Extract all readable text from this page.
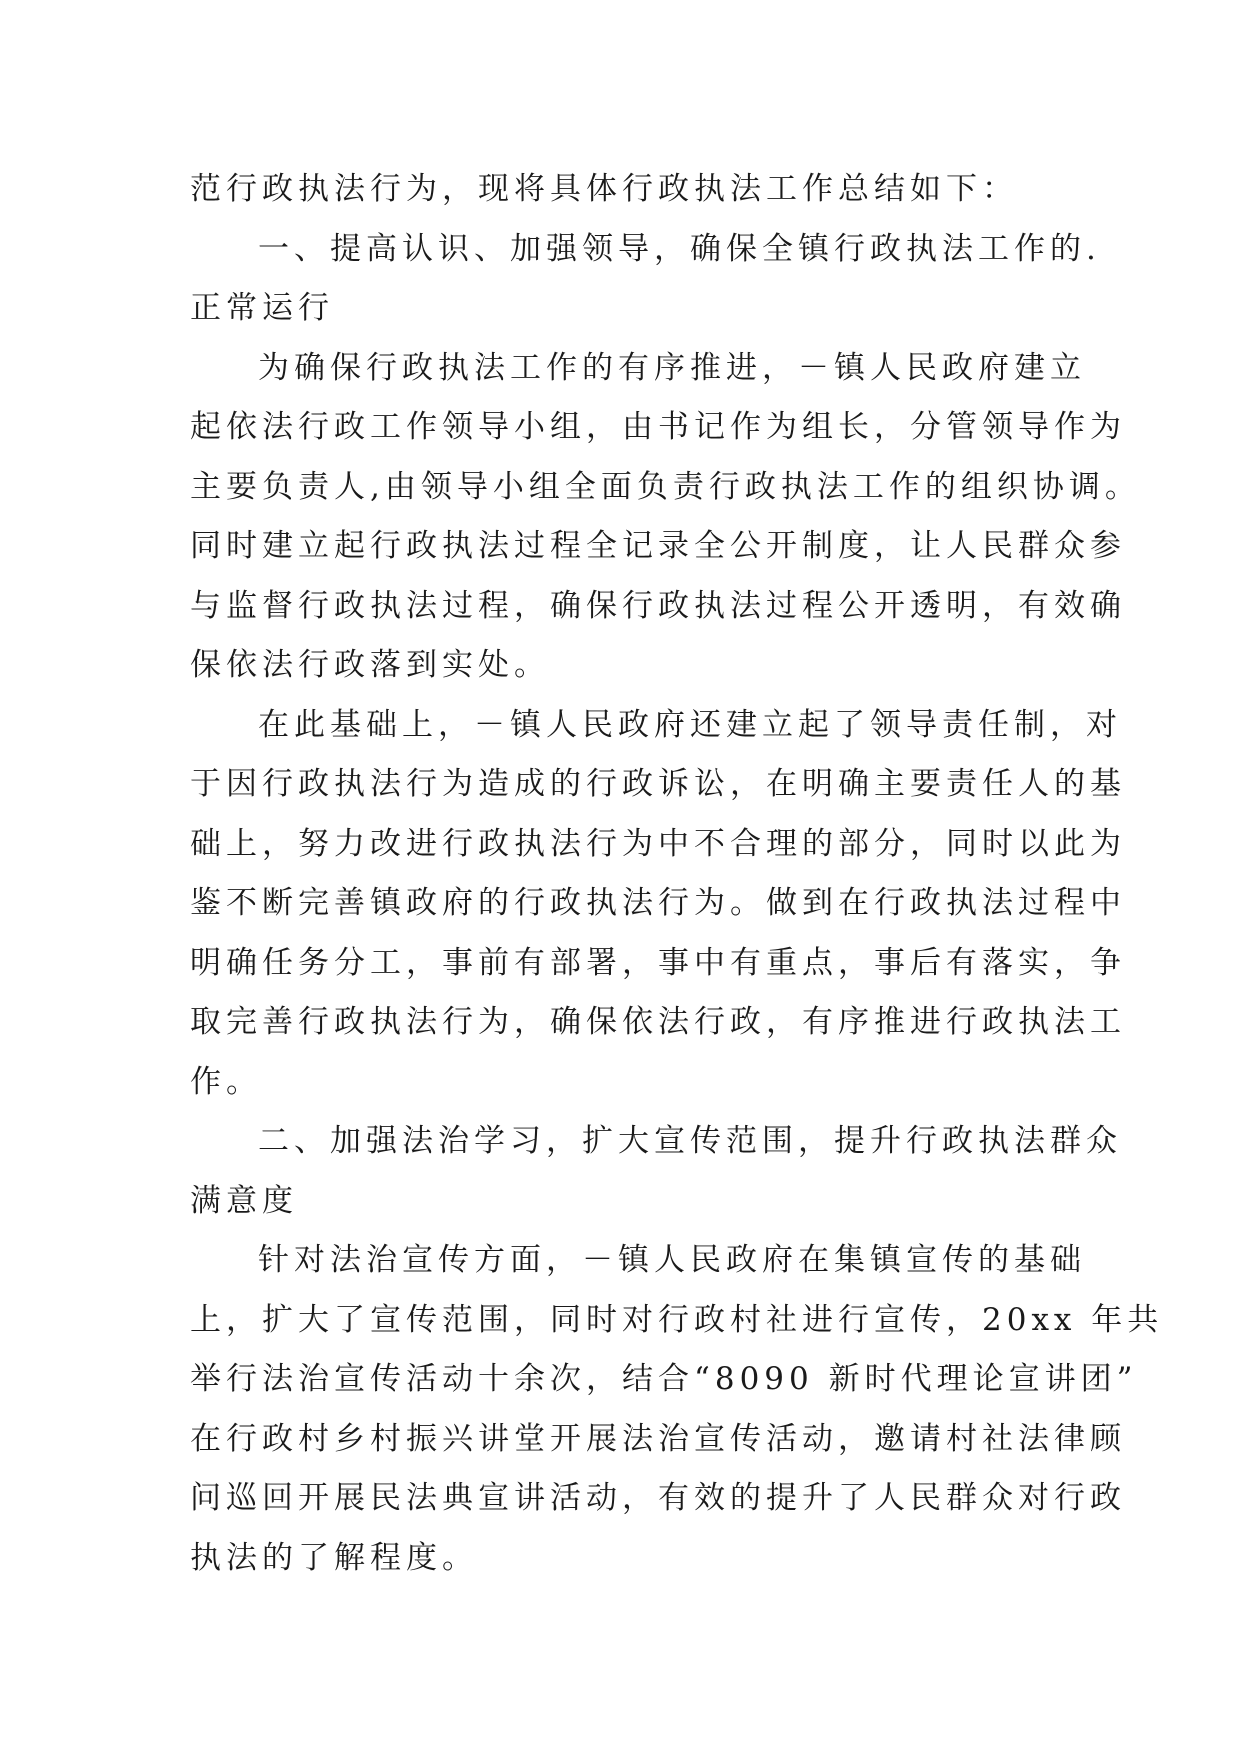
范行政执法行为，现将具体行政执法工作总结如下：
一、提高认识、加强领导，确保全镇行政执法工作的.
正常运行
为确保行政执法工作的有序推进，－镇人民政府建立
起依法行政工作领导小组，由书记作为组长，分管领导作为
主要负责人,由领导小组全面负责行政执法工作的组织协调。
同时建立起行政执法过程全记录全公开制度，让人民群众参
与监督行政执法过程，确保行政执法过程公开透明，有效确
保依法行政落到实处。
在此基础上，－镇人民政府还建立起了领导责任制，对
于因行政执法行为造成的行政诉讼，在明确主要责任人的基
础上，努力改进行政执法行为中不合理的部分，同时以此为
鉴不断完善镇政府的行政执法行为。做到在行政执法过程中
明确任务分工，事前有部署，事中有重点，事后有落实，争
取完善行政执法行为，确保依法行政，有序推进行政执法工
作。
二、加强法治学习，扩大宣传范围，提升行政执法群众
满意度
针对法治宣传方面，－镇人民政府在集镇宣传的基础
上，扩大了宣传范围，同时对行政村社进行宣传，20xx 年共
举行法治宣传活动十余次，结合“8090 新时代理论宣讲团”
在行政村乡村振兴讲堂开展法治宣传活动，邀请村社法律顾
问巡回开展民法典宣讲活动，有效的提升了人民群众对行政
执法的了解程度。
